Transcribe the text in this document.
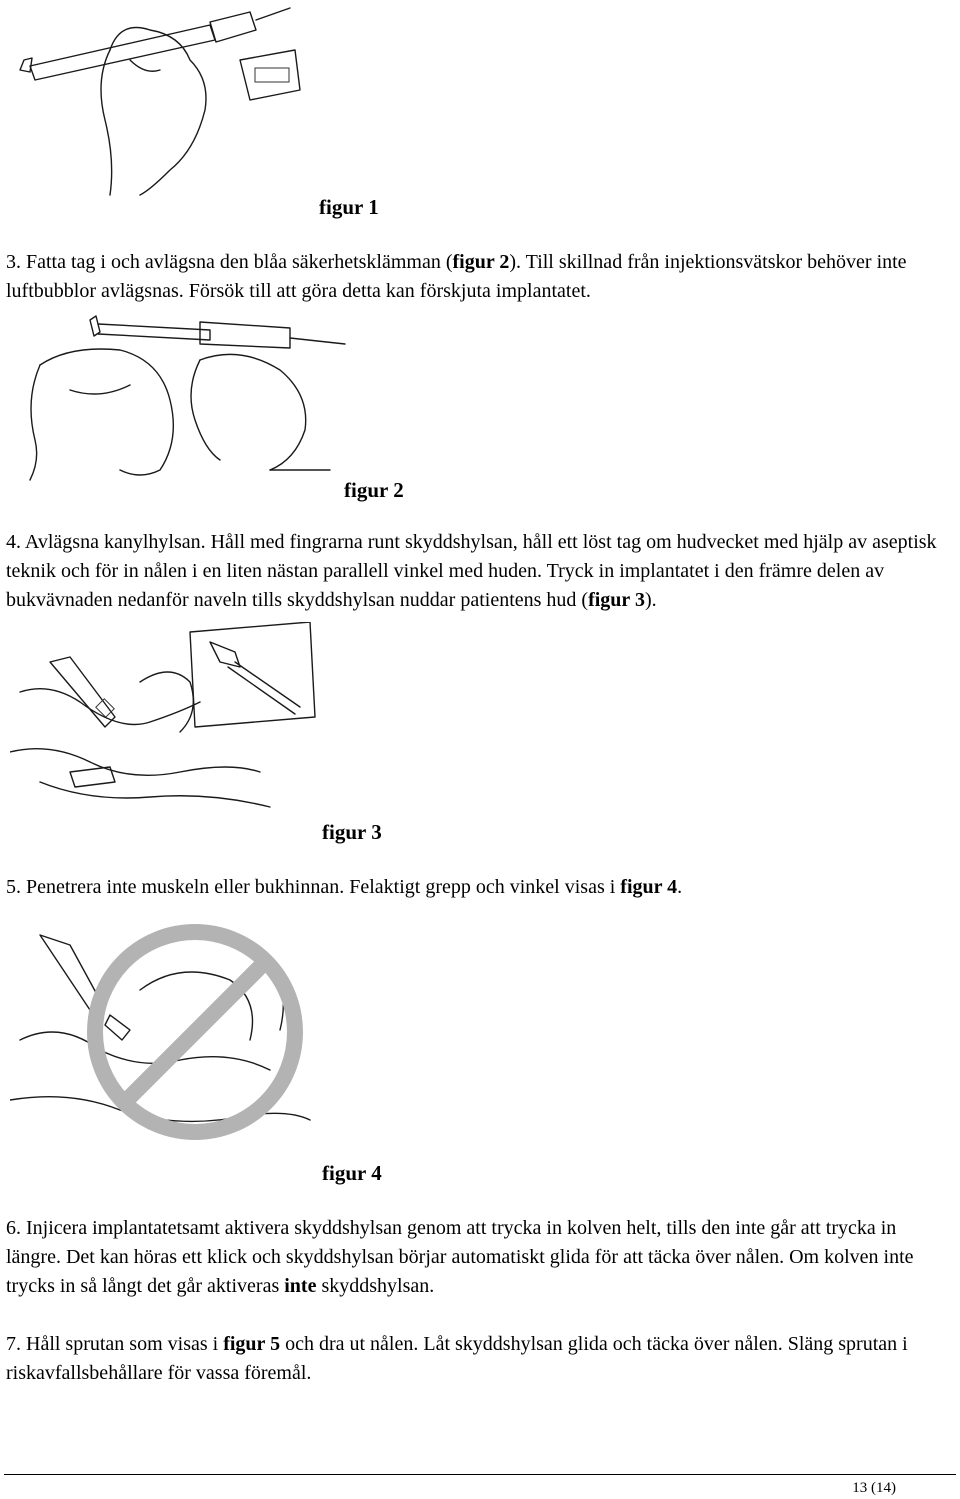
figur 1
3. Fatta tag i och avlägsna den blåa säkerhetsklämman (figur 2). Till skillnad från injektionsvätskor behöver inte luftbubblor avlägsnas. Försök till att göra detta kan förskjuta implantatet.
figur 2
4. Avlägsna kanylhylsan. Håll med fingrarna runt skyddshylsan, håll ett löst tag om hudvecket med hjälp av aseptisk teknik och för in nålen i en liten nästan parallell vinkel med huden. Tryck in implantatet i den främre delen av bukvävnaden nedanför naveln tills skyddshylsan nuddar patientens hud (figur 3).
figur 3
5. Penetrera inte muskeln eller bukhinnan. Felaktigt grepp och vinkel visas i figur 4.
figur 4
6. Injicera implantatetsamt aktivera skyddshylsan genom att trycka in kolven helt, tills den inte går att trycka in längre. Det kan höras ett klick och skyddshylsan börjar automatiskt glida för att täcka över nålen. Om kolven inte trycks in så långt det går aktiveras inte skyddshylsan.
7. Håll sprutan som visas i figur 5 och dra ut nålen. Låt skyddshylsan glida och täcka över nålen. Släng sprutan i riskavfallsbehållare för vassa föremål.
13 (14)
